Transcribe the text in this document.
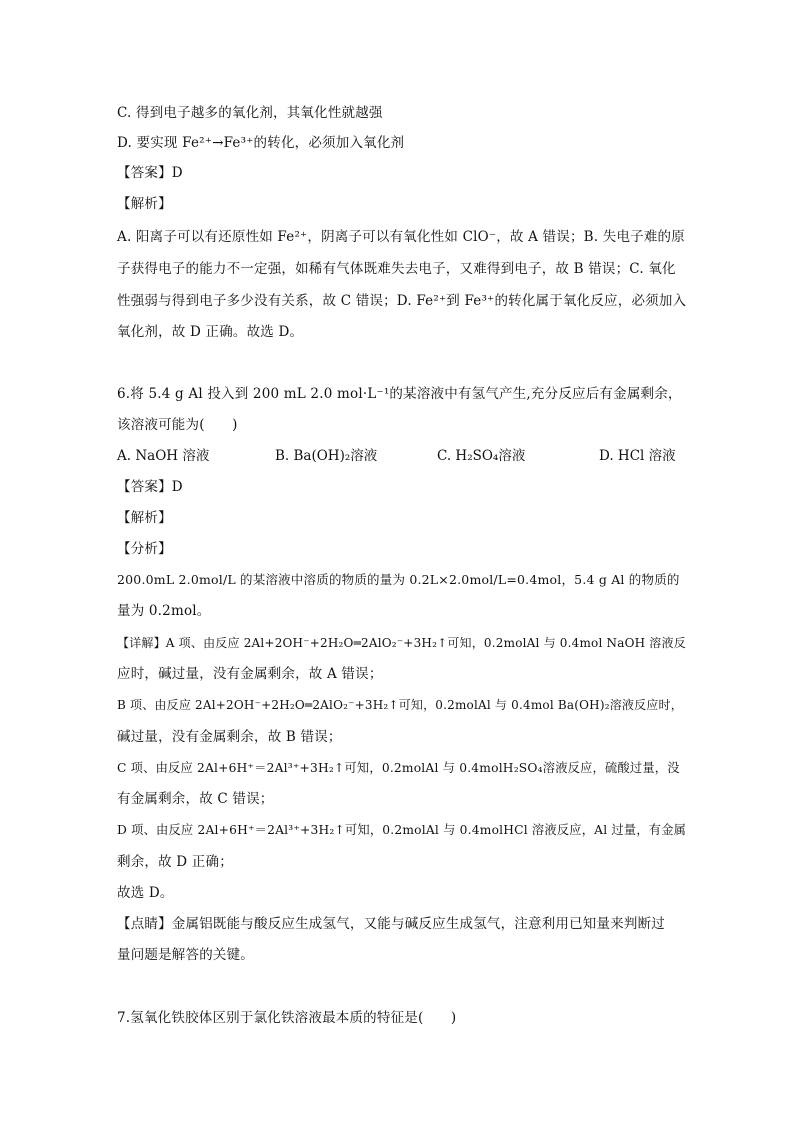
C. 得到电子越多的氧化剂，其氧化性就越强
D. 要实现 Fe²⁺→Fe³⁺的转化，必须加入氧化剂
【答案】D
【解析】
A. 阳离子可以有还原性如 Fe²⁺，阴离子可以有氧化性如 ClO⁻，故 A 错误；B. 失电子难的原
子获得电子的能力不一定强，如稀有气体既难失去电子，又难得到电子，故 B 错误；C. 氧化
性强弱与得到电子多少没有关系，故 C 错误；D. Fe²⁺到 Fe³⁺的转化属于氧化反应，必须加入
氧化剂，故 D 正确。故选 D。
6.将 5.4 g Al 投入到 200 mL 2.0 mol·L⁻¹的某溶液中有氢气产生,充分反应后有金属剩余，
该溶液可能为(　　)
A. NaOH 溶液	B. Ba(OH)₂溶液	C. H₂SO₄溶液	D. HCl 溶液
【答案】D
【解析】
【分析】
200.0mL 2.0mol/L 的某溶液中溶质的物质的量为 0.2L×2.0mol/L=0.4mol，5.4 g Al 的物质的
量为 0.2mol。
【详解】A 项、由反应 2Al+2OH⁻+2H₂O═2AlO₂⁻+3H₂↑可知，0.2molAl 与 0.4mol NaOH 溶液反
应时，碱过量，没有金属剩余，故 A 错误；
B 项、由反应 2Al+2OH⁻+2H₂O═2AlO₂⁻+3H₂↑可知，0.2molAl 与 0.4mol Ba(OH)₂溶液反应时，
碱过量，没有金属剩余，故 B 错误；
C 项、由反应 2Al+6H⁺＝2Al³⁺+3H₂↑可知，0.2molAl 与 0.4molH₂SO₄溶液反应，硫酸过量，没
有金属剩余，故 C 错误；
D 项、由反应 2Al+6H⁺＝2Al³⁺+3H₂↑可知，0.2molAl 与 0.4molHCl 溶液反应，Al 过量，有金属
剩余，故 D 正确；
故选 D。
【点睛】金属铝既能与酸反应生成氢气，又能与碱反应生成氢气，注意利用已知量来判断过
量问题是解答的关键。
7.氢氧化铁胶体区别于氯化铁溶液最本质的特征是(　　)
